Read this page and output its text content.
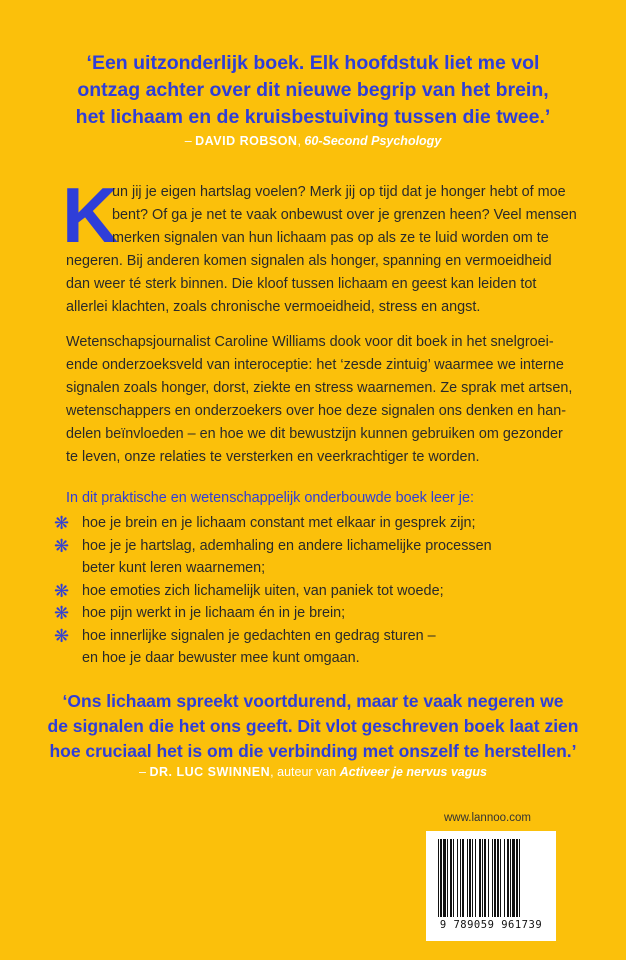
‘Een uitzonderlijk boek. Elk hoofdstuk liet me vol
ontzag achter over dit nieuwe begrip van het brein,
het lichaam en de kruisbestuiving tussen die twee.’
– DAVID ROBSON, 60-Second Psychology
K

un jij je eigen hartslag voelen? Merk jij op tijd dat je honger hebt of moe
bent? Of ga je net te vaak onbewust over je grenzen heen? Veel mensen
merken signalen van hun lichaam pas op als ze te luid worden om te
negeren. Bij anderen komen signalen als honger, spanning en vermoeidheid
dan weer té sterk binnen. Die kloof tussen lichaam en geest kan leiden tot
allerlei klachten, zoals chronische vermoeidheid, stress en angst.

Wetenschapsjournalist Caroline Williams dook voor dit boek in het snelgroei-
ende onderzoeksveld van interoceptie: het ‘zesde zintuig’ waarmee we interne
signalen zoals honger, dorst, ziekte en stress waarnemen. Ze sprak met artsen,
wetenschappers en onderzoekers over hoe deze signalen ons denken en han-
delen beïnvloeden – en hoe we dit bewustzijn kunnen gebruiken om gezonder
te leven, onze relaties te versterken en veerkrachtiger te worden.

In dit praktische en wetenschappelijk onderbouwde boek leer je:
❋ hoe je brein en je lichaam constant met elkaar in gesprek zijn;
❋ hoe je je hartslag, ademhaling en andere lichamelijke processen
beter kunt leren waarnemen;
❋ hoe emoties zich lichamelijk uiten, van paniek tot woede;
❋ hoe pijn werkt in je lichaam én in je brein;
❋ hoe innerlijke signalen je gedachten en gedrag sturen –
en hoe je daar bewuster mee kunt omgaan.
‘Ons lichaam spreekt voortdurend, maar te vaak negeren we
de signalen die het ons geeft. Dit vlot geschreven boek laat zien
hoe cruciaal het is om die verbinding met onszelf te herstellen.’
– DR. LUC SWINNEN, auteur van Activeer je nervus vagus
www.lannoo.com
9 789059 961739
